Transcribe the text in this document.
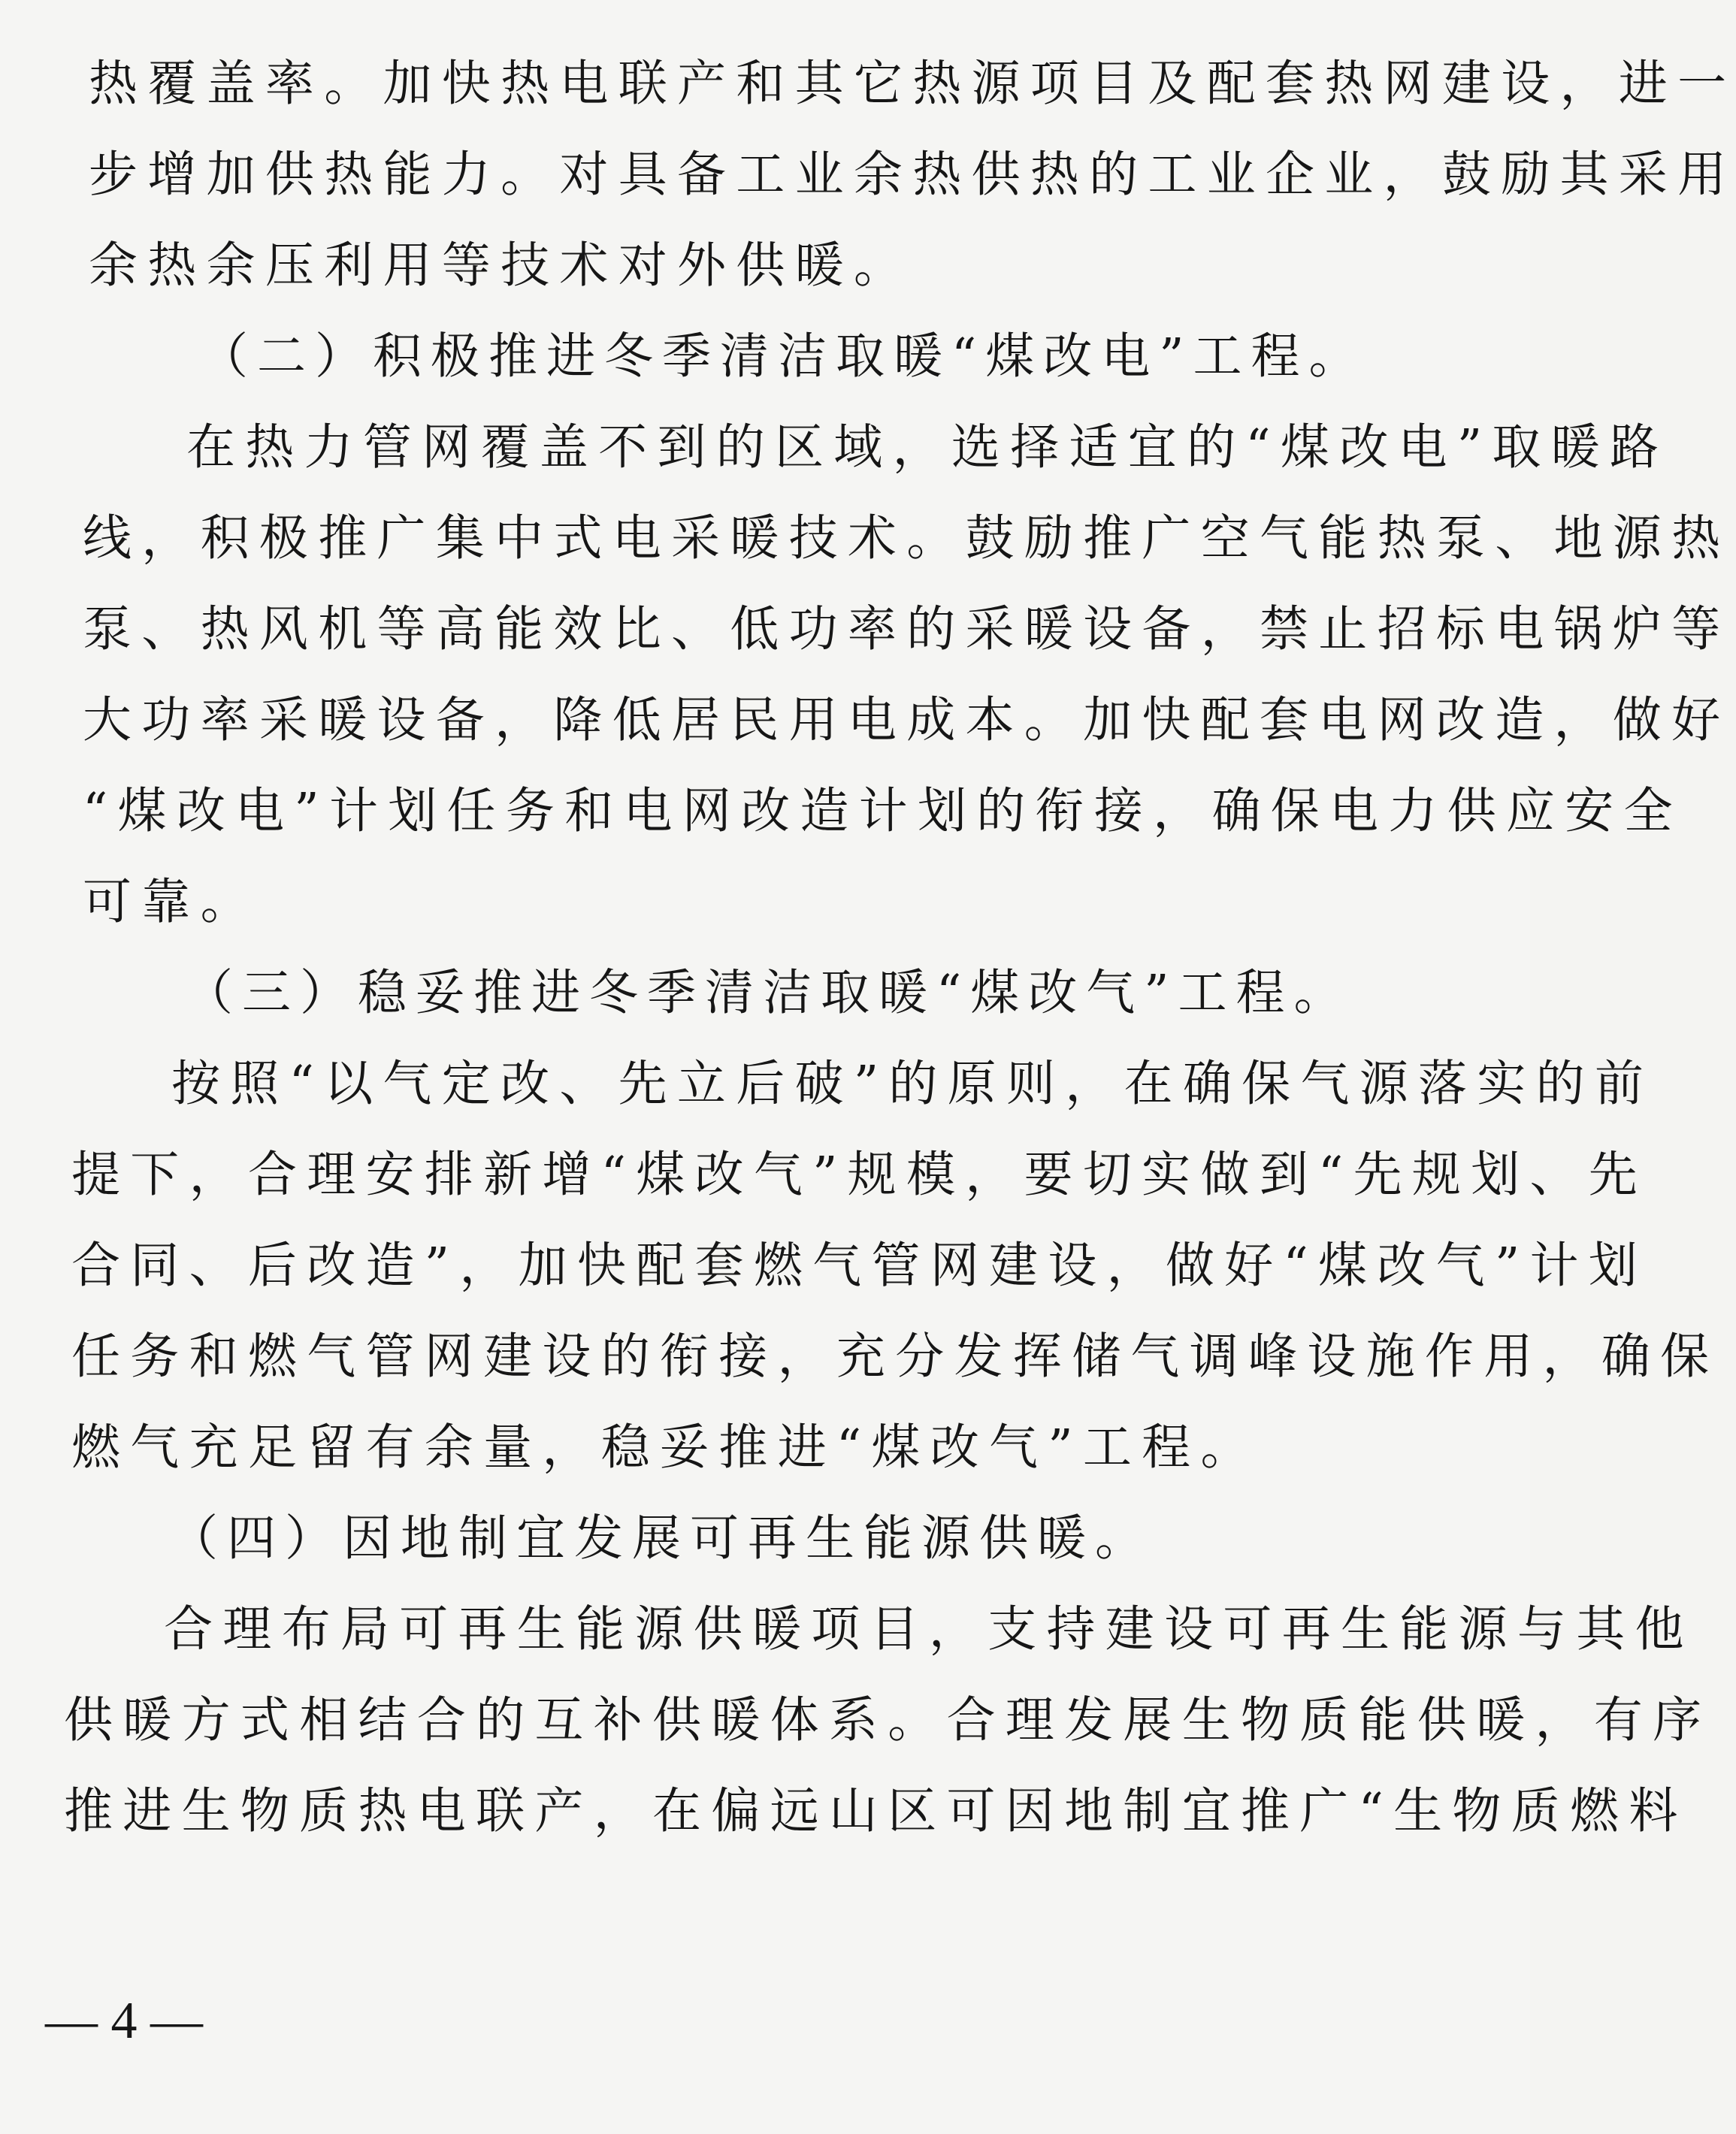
热覆盖率。加快热电联产和其它热源项目及配套热网建设，进一
步增加供热能力。对具备工业余热供热的工业企业，鼓励其采用
余热余压利用等技术对外供暖。
（二）积极推进冬季清洁取暖“煤改电”工程。
在热力管网覆盖不到的区域，选择适宜的“煤改电”取暖路
线，积极推广集中式电采暖技术。鼓励推广空气能热泵、地源热
泵、热风机等高能效比、低功率的采暖设备，禁止招标电锅炉等
大功率采暖设备，降低居民用电成本。加快配套电网改造，做好
“煤改电”计划任务和电网改造计划的衔接，确保电力供应安全
可靠。
（三）稳妥推进冬季清洁取暖“煤改气”工程。
按照“以气定改、先立后破”的原则，在确保气源落实的前
提下，合理安排新增“煤改气”规模，要切实做到“先规划、先
合同、后改造”，加快配套燃气管网建设，做好“煤改气”计划
任务和燃气管网建设的衔接，充分发挥储气调峰设施作用，确保
燃气充足留有余量，稳妥推进“煤改气”工程。
（四）因地制宜发展可再生能源供暖。
合理布局可再生能源供暖项目，支持建设可再生能源与其他
供暖方式相结合的互补供暖体系。合理发展生物质能供暖，有序
推进生物质热电联产，在偏远山区可因地制宜推广“生物质燃料
— 4 —
